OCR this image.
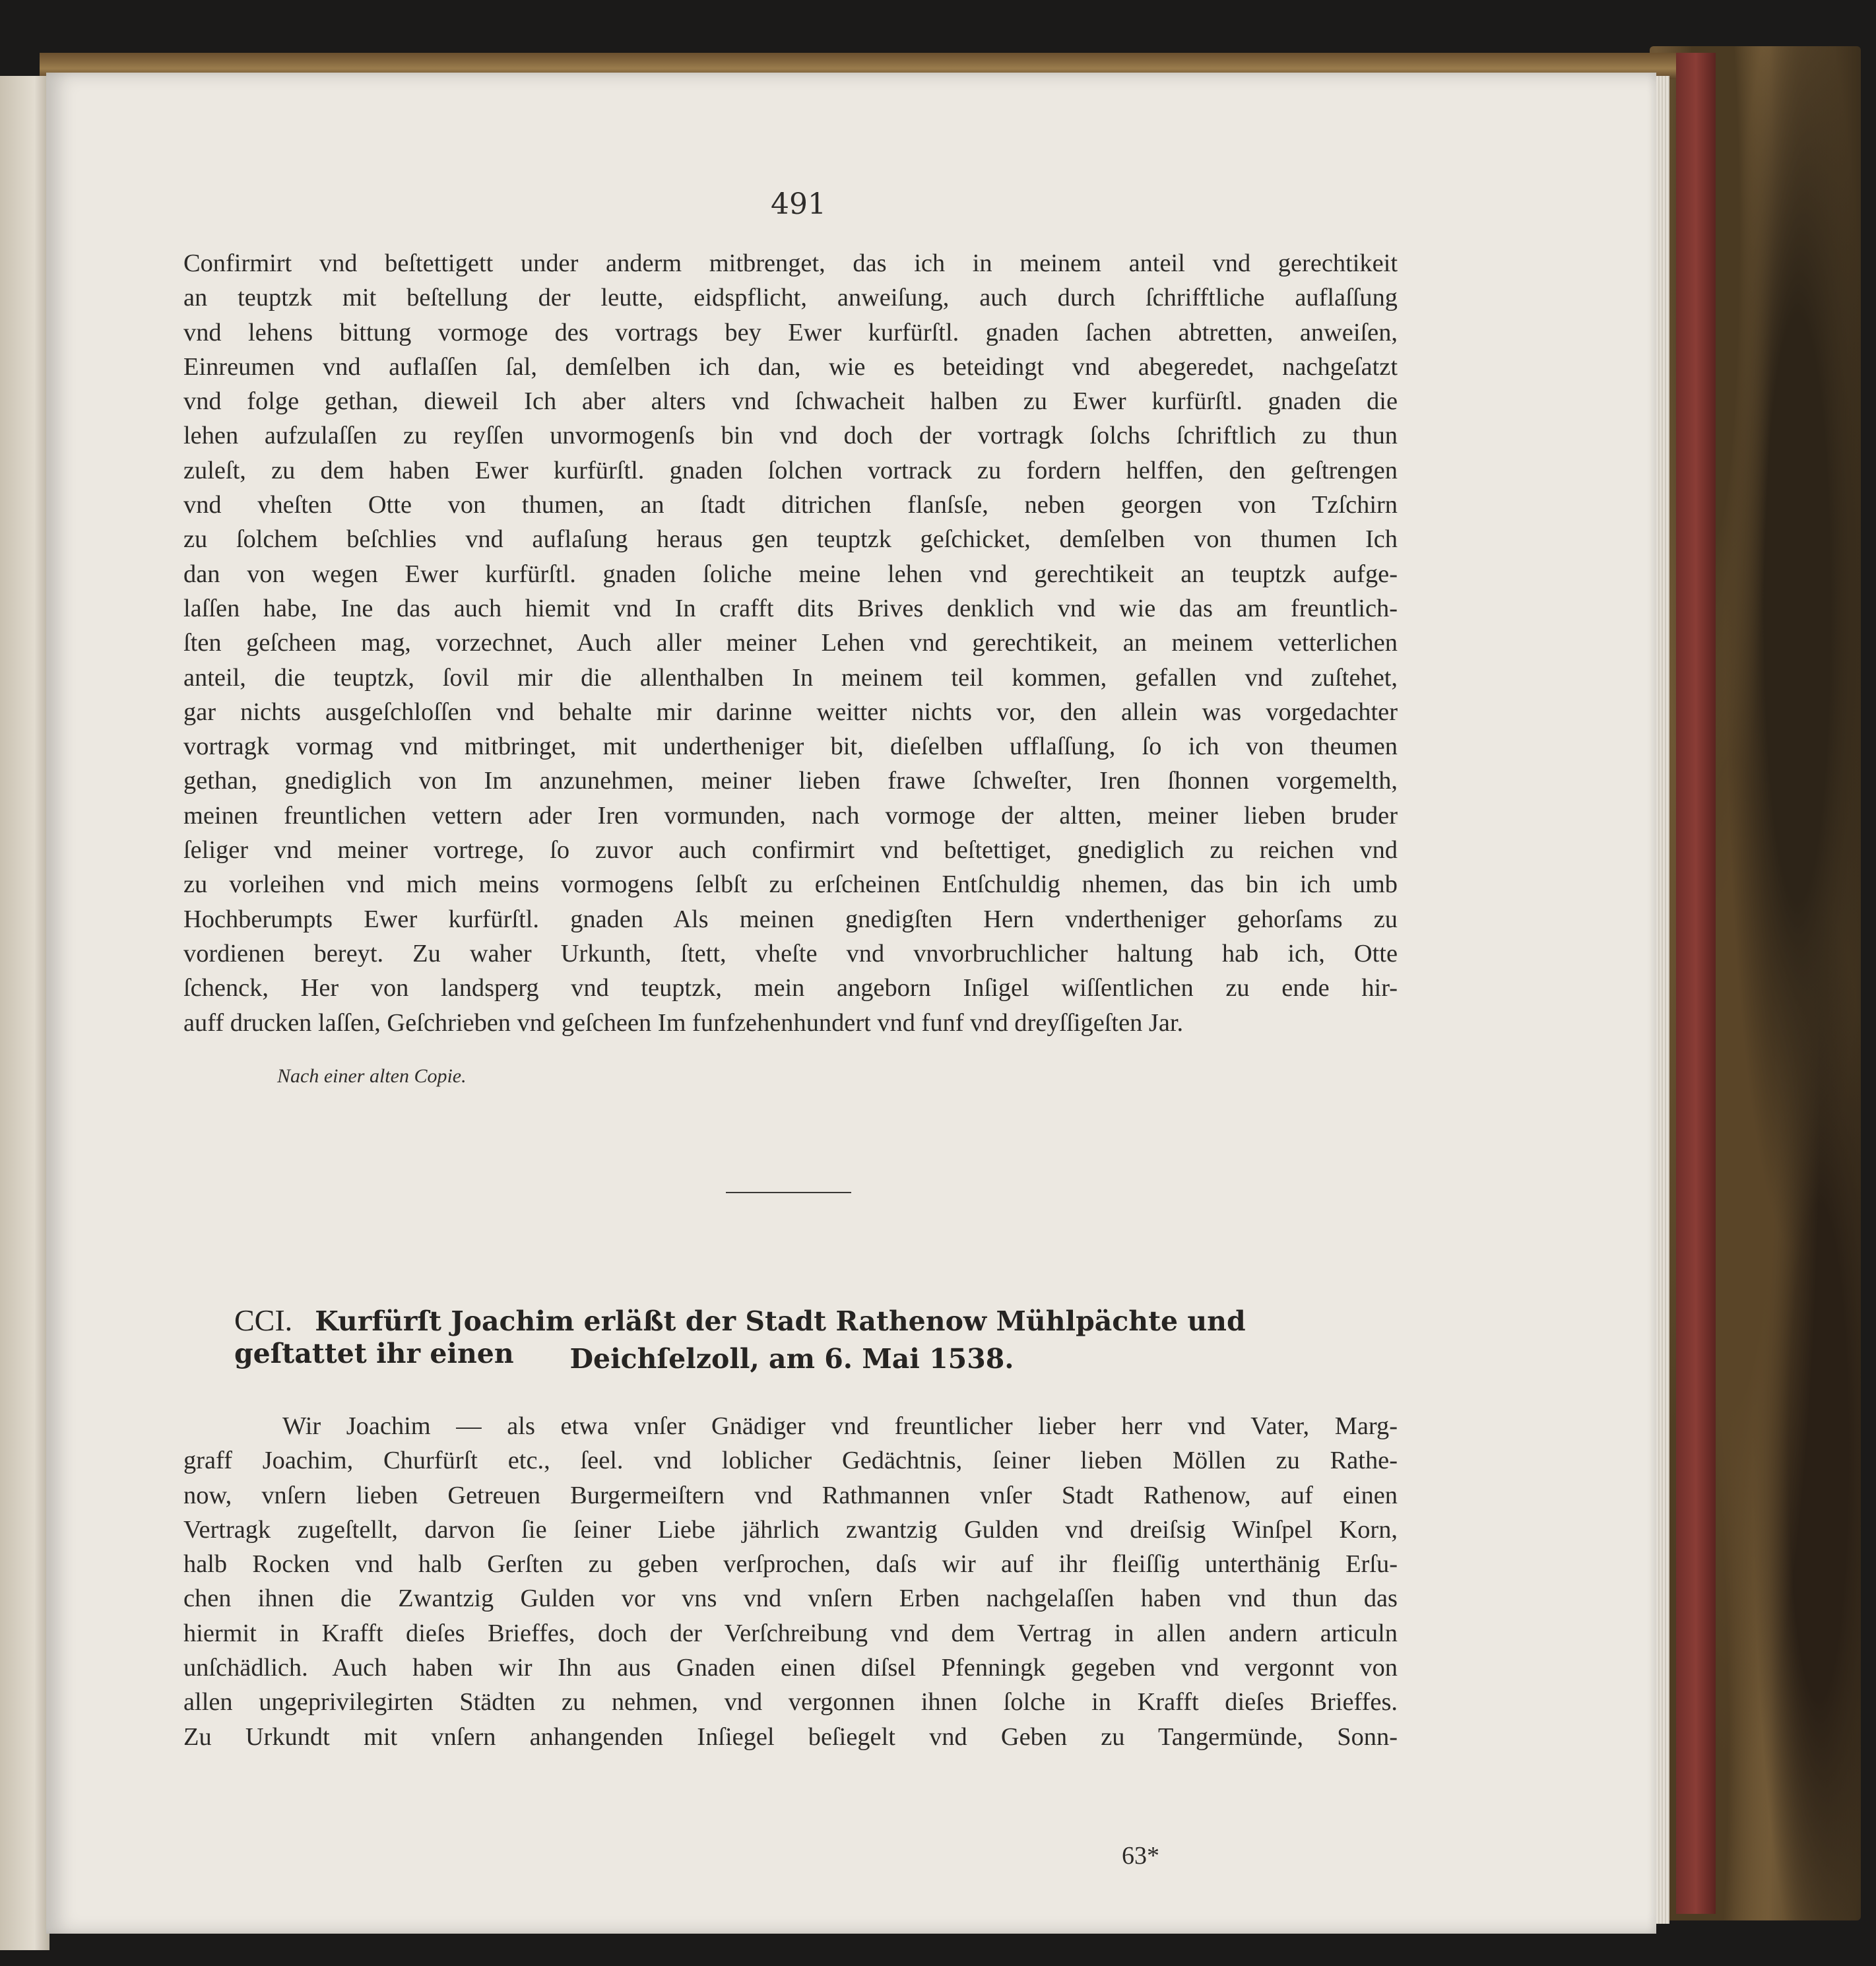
491
Confirmirt vnd beſtettigett under anderm mitbrenget, das ich in meinem anteil vnd gerechtikeit
an teuptzk mit beſtellung der leutte, eidspflicht, anweiſung, auch durch ſchrifftliche auflaſſung
vnd lehens bittung vormoge des vortrags bey Ewer kurfürſtl. gnaden ſachen abtretten, anweiſen,
Einreumen vnd auflaſſen ſal, demſelben ich dan, wie es beteidingt vnd abegeredet, nachgeſatzt
vnd folge gethan, dieweil Ich aber alters vnd ſchwacheit halben zu Ewer kurfürſtl. gnaden die
lehen aufzulaſſen zu reyſſen unvormogenſs bin vnd doch der vortragk ſolchs ſchriftlich zu thun
zuleſt, zu dem haben Ewer kurfürſtl. gnaden ſolchen vortrack zu fordern helffen, den geſtrengen
vnd vheſten Otte von thumen, an ſtadt ditrichen flanſsſe, neben georgen von Tzſchirn
zu ſolchem beſchlies vnd auflaſung heraus gen teuptzk geſchicket, demſelben von thumen Ich
dan von wegen Ewer kurfürſtl. gnaden ſoliche meine lehen vnd gerechtikeit an teuptzk aufge-
laſſen habe, Ine das auch hiemit vnd In crafft dits Brives denklich vnd wie das am freuntlich-
ſten geſcheen mag, vorzechnet, Auch aller meiner Lehen vnd gerechtikeit, an meinem vetterlichen
anteil, die teuptzk, ſovil mir die allenthalben In meinem teil kommen, gefallen vnd zuſtehet,
gar nichts ausgeſchloſſen vnd behalte mir darinne weitter nichts vor, den allein was vorgedachter
vortragk vormag vnd mitbringet, mit undertheniger bit, dieſelben ufflaſſung, ſo ich von theumen
gethan, gnediglich von Im anzunehmen, meiner lieben frawe ſchweſter, Iren ſhonnen vorgemelth,
meinen freuntlichen vettern ader Iren vormunden, nach vormoge der altten, meiner lieben bruder
ſeliger vnd meiner vortrege, ſo zuvor auch confirmirt vnd beſtettiget, gnediglich zu reichen vnd
zu vorleihen vnd mich meins vormogens ſelbſt zu erſcheinen Entſchuldig nhemen, das bin ich umb
Hochberumpts Ewer kurfürſtl. gnaden Als meinen gnedigſten Hern vndertheniger gehorſams zu
vordienen bereyt. Zu waher Urkunth, ſtett, vheſte vnd vnvorbruchlicher haltung hab ich, Otte
ſchenck, Her von landsperg vnd teuptzk, mein angeborn Inſigel wiſſentlichen zu ende hir-
auff drucken laſſen, Geſchrieben vnd geſcheen Im funfzehenhundert vnd funf vnd dreyſſigeſten Jar.
Nach einer alten Copie.
CCI. Kurfürſt Joachim erläßt der Stadt Rathenow Mühlpächte und geſtattet ihr einen	Deichſelzoll, am 6. Mai 1538.
Wir Joachim — als etwa vnſer Gnädiger vnd freuntlicher lieber herr vnd Vater, Marg-
graff Joachim, Churfürſt etc., ſeel. vnd loblicher Gedächtnis, ſeiner lieben Möllen zu Rathe-
now, vnſern lieben Getreuen Burgermeiſtern vnd Rathmannen vnſer Stadt Rathenow, auf einen
Vertragk zugeſtellt, darvon ſie ſeiner Liebe jährlich zwantzig Gulden vnd dreiſsig Winſpel Korn,
halb Rocken vnd halb Gerſten zu geben verſprochen, daſs wir auf ihr fleiſſig unterthänig Erſu-
chen ihnen die Zwantzig Gulden vor vns vnd vnſern Erben nachgelaſſen haben vnd thun das
hiermit in Krafft dieſes Brieffes, doch der Verſchreibung vnd dem Vertrag in allen andern articuln
unſchädlich. Auch haben wir Ihn aus Gnaden einen diſsel Pfenningk gegeben vnd vergonnt von
allen ungeprivilegirten Städten zu nehmen, vnd vergonnen ihnen ſolche in Krafft dieſes Brieffes.
Zu Urkundt mit vnſern anhangenden Inſiegel beſiegelt vnd Geben zu Tangermünde, Sonn-
63*
